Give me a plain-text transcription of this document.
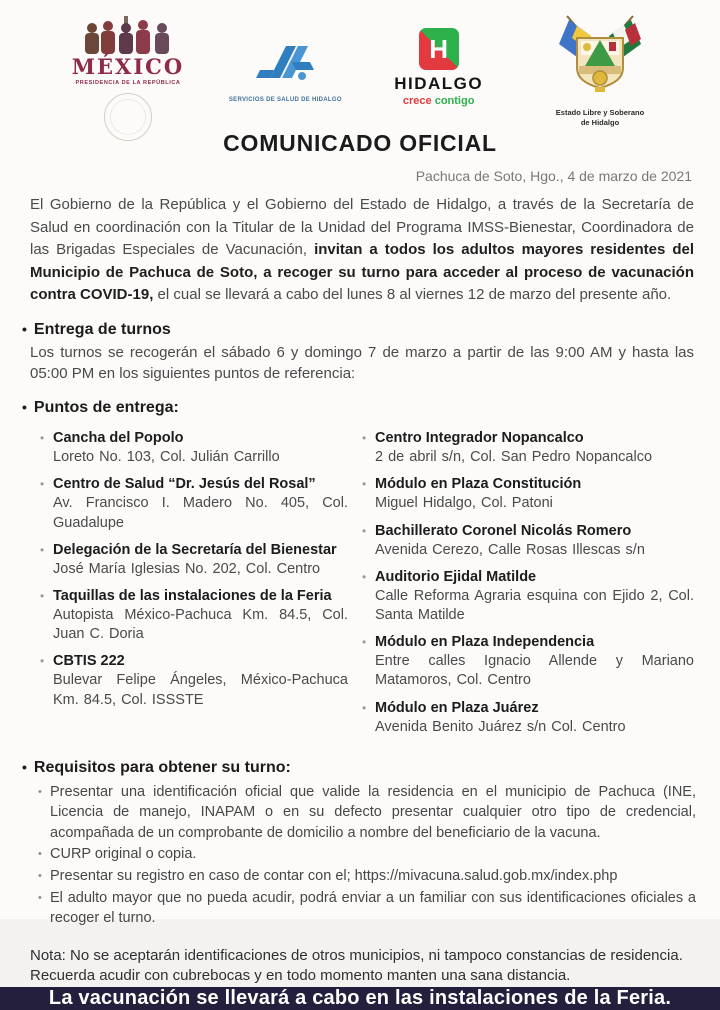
MÉXICO
PRESIDENCIA DE LA REPÚBLICA
SERVICIOS DE SALUD DE HIDALGO
H
HIDALGO
crece contigo
Estado Libre y Soberano de Hidalgo
COMUNICADO OFICIAL
Pachuca de Soto, Hgo., 4 de marzo de 2021

El Gobierno de la República y el Gobierno del Estado de Hidalgo, a través de la Secretaría de Salud en coordinación con la Titular de la Unidad del Programa IMSS-Bienestar, Coordinadora de las Brigadas Especiales de Vacunación, invitan a todos los adultos mayores residentes del Municipio de Pachuca de Soto, a recoger su turno para acceder al proceso de vacunación contra COVID-19, el cual se llevará a cabo del lunes 8 al viernes 12 de marzo del presente año.

• Entrega de turnos
Los turnos se recogerán el sábado 6 y domingo 7 de marzo a partir de las 9:00 AM y hasta las 05:00 PM en los siguientes puntos de referencia:
• Puntos de entrega:
• Cancha del Popolo
Loreto No. 103, Col. Julián Carrillo
• Centro de Salud “Dr. Jesús del Rosal”
Av. Francisco I. Madero No. 405, Col. Guadalupe
• Delegación de la Secretaría del Bienestar
José María Iglesias No. 202, Col. Centro
• Taquillas de las instalaciones de la Feria
Autopista México-Pachuca Km. 84.5, Col. Juan C. Doria
• CBTIS 222
Bulevar Felipe Ángeles, México-Pachuca Km. 84.5, Col. ISSSTE
• Centro Integrador Nopancalco
2 de abril s/n, Col. San Pedro Nopancalco
• Módulo en Plaza Constitución
Miguel Hidalgo, Col. Patoni
• Bachillerato Coronel Nicolás Romero
Avenida Cerezo, Calle Rosas Illescas s/n
• Auditorio Ejidal Matilde
Calle Reforma Agraria esquina con Ejido 2, Col. Santa Matilde
• Módulo en Plaza Independencia
Entre calles Ignacio Allende y Mariano Matamoros, Col. Centro
• Módulo en Plaza Juárez
Avenida Benito Juárez s/n Col. Centro
• Requisitos para obtener su turno:
• Presentar una identificación oficial que valide la residencia en el municipio de Pachuca (INE, Licencia de manejo, INAPAM o en su defecto presentar cualquier otro tipo de credencial, acompañada de un comprobante de domicilio a nombre del beneficiario de la vacuna.
• CURP original o copia.
• Presentar su registro en caso de contar con el; https://mivacuna.salud.gob.mx/index.php
• El adulto mayor que no pueda acudir, podrá enviar a un familiar con sus identificaciones oficiales a recoger el turno.
Nota: No se aceptarán identificaciones de otros municipios, ni tampoco constancias de residencia. Recuerda acudir con cubrebocas y en todo momento manten una sana distancia.
La vacunación se llevará a cabo en las instalaciones de la Feria.
